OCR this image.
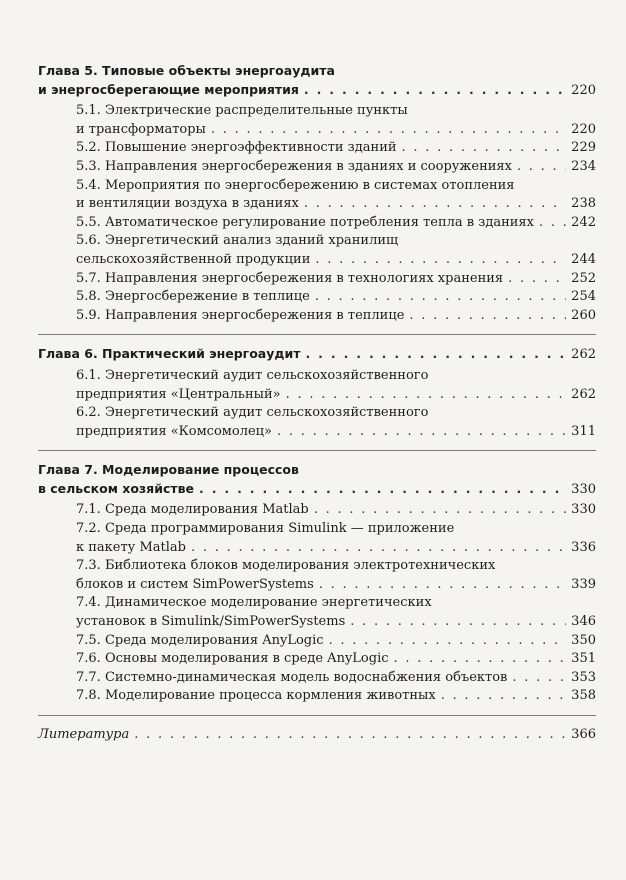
Глава 5. Типовые объекты энергоаудита
и энергосберегающие мероприятия . . .	220
5.1. Электрические распределительные пункты
и трансформаторы . . .	220
5.2. Повышение энергоэффективности зданий . . .	229
5.3. Направления энергосбережения в зданиях и сооружениях . . .	234
5.4. Мероприятия по энергосбережению в системах отопления
и вентиляции воздуха в зданиях . . .	238
5.5. Автоматическое регулирование потребления тепла в зданиях . . .	242
5.6. Энергетический анализ зданий хранилищ
сельскохозяйственной продукции . . .	244
5.7. Направления энергосбережения в технологиях хранения . . .	252
5.8. Энергосбережение в теплице . . .	254
5.9. Направления энергосбережения в теплице . . .	260
Глава 6. Практический энергоаудит . . .	262
6.1. Энергетический аудит сельскохозяйственного
предприятия «Центральный» . . .	262
6.2. Энергетический аудит сельскохозяйственного
предприятия «Комсомолец» . . .	311
Глава 7. Моделирование процессов
в сельском хозяйстве . . .	330
7.1. Среда моделирования Matlab . . .	330
7.2. Среда программирования Simulink — приложение
к пакету Matlab . . .	336
7.3. Библиотека блоков моделирования электротехнических
блоков и систем SimPowerSystems . . .	339
7.4. Динамическое моделирование энергетических
установок в Simulink/SimPowerSystems . . .	346
7.5. Среда моделирования AnyLogic . . .	350
7.6. Основы моделирования в среде AnyLogic . . .	351
7.7. Системно-динамическая модель водоснабжения объектов . . .	353
7.8. Моделирование процесса кормления животных . . .	358
Литература . . .	366
